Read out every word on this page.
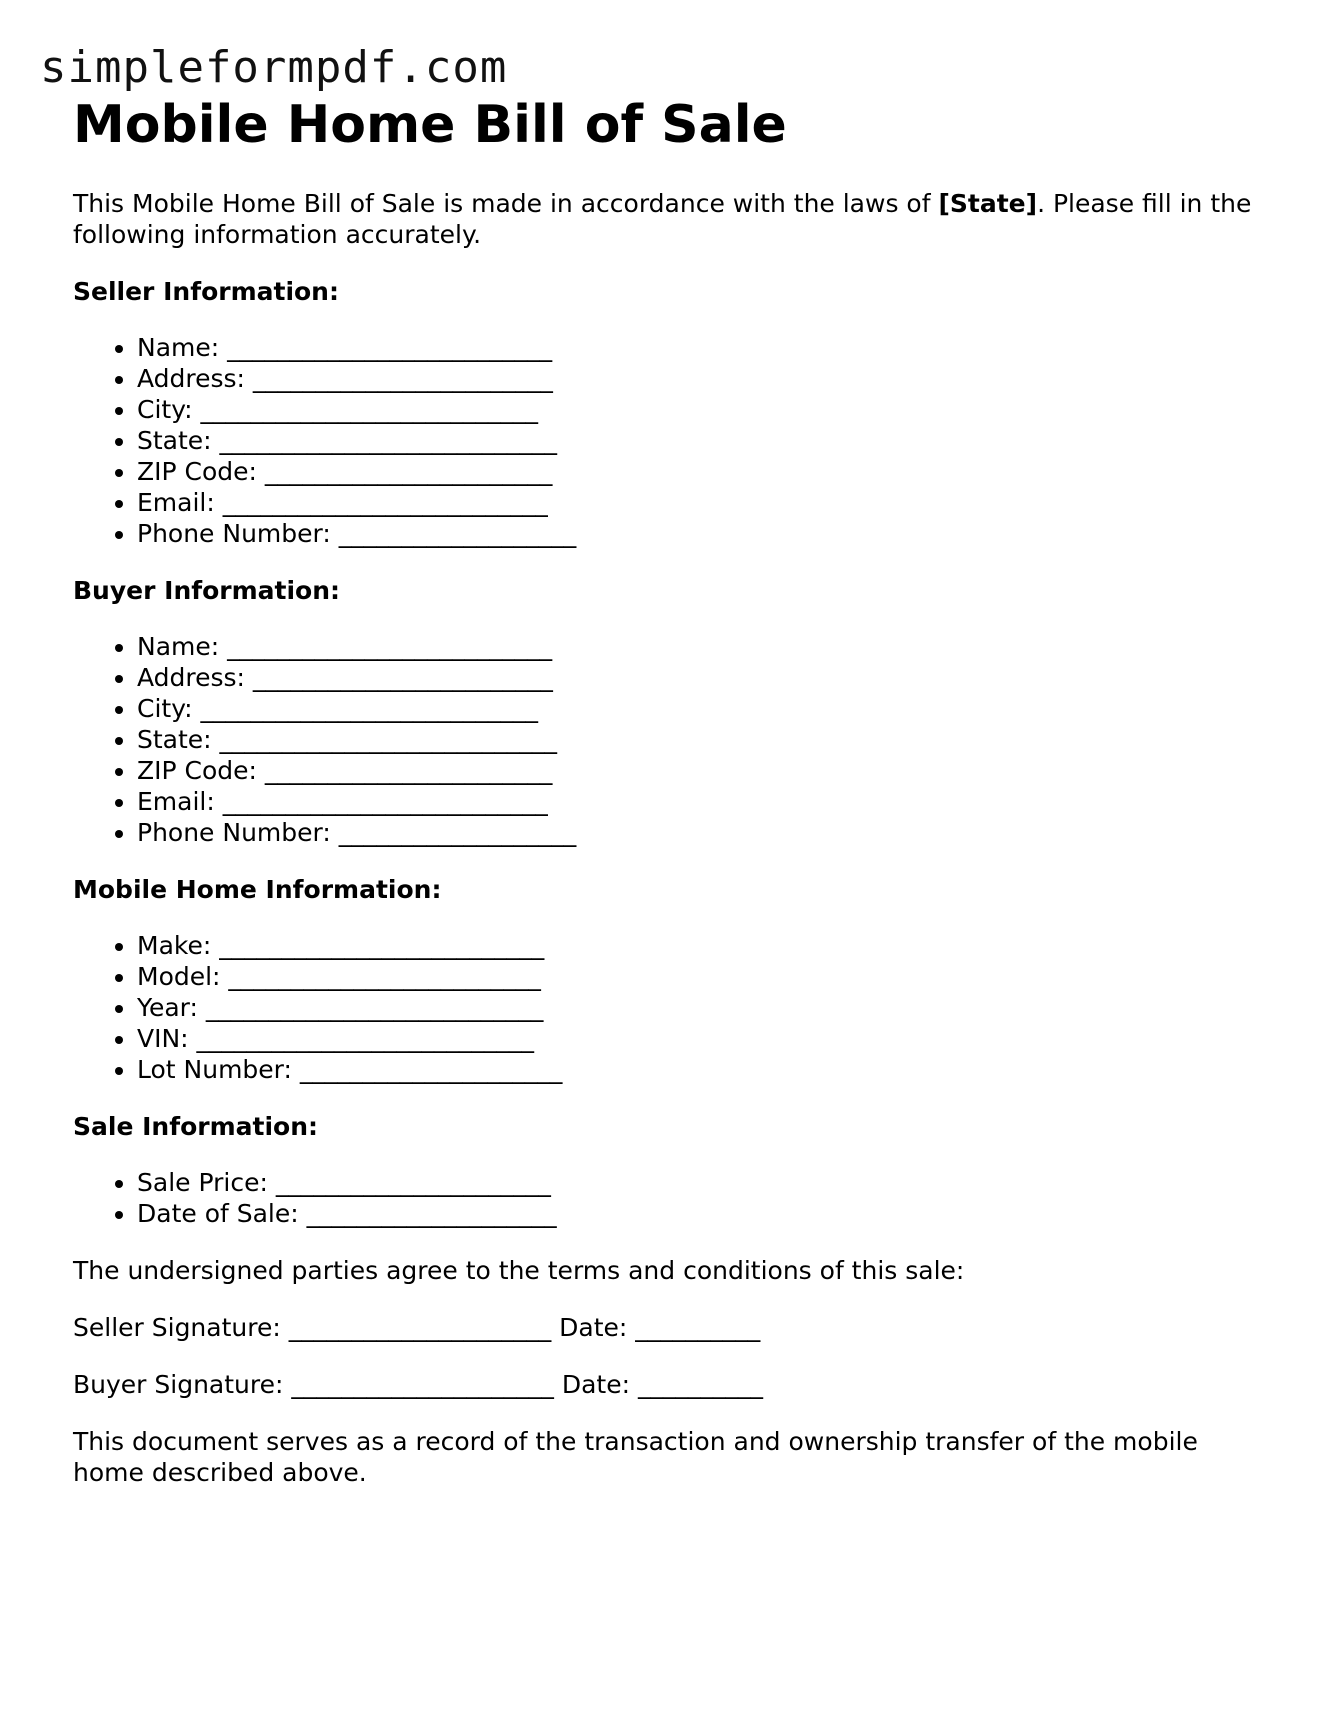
simpleformpdf.com
Mobile Home Bill of Sale

This Mobile Home Bill of Sale is made in accordance with the laws of [State]. Please fill in the following information accurately.

Seller Information:
• Name: __________________________
• Address: ________________________
• City: ___________________________
• State: ___________________________
• ZIP Code: _______________________
• Email: __________________________
• Phone Number: ___________________
Buyer Information:
• Name: __________________________
• Address: ________________________
• City: ___________________________
• State: ___________________________
• ZIP Code: _______________________
• Email: __________________________
• Phone Number: ___________________
Mobile Home Information:
• Make: __________________________
• Model: _________________________
• Year: ___________________________
• VIN: ___________________________
• Lot Number: _____________________
Sale Information:
• Sale Price: ______________________
• Date of Sale: ____________________

The undersigned parties agree to the terms and conditions of this sale:

Seller Signature: _____________________ Date: __________

Buyer Signature: _____________________ Date: __________

This document serves as a record of the transaction and ownership transfer of the mobile home described above.
